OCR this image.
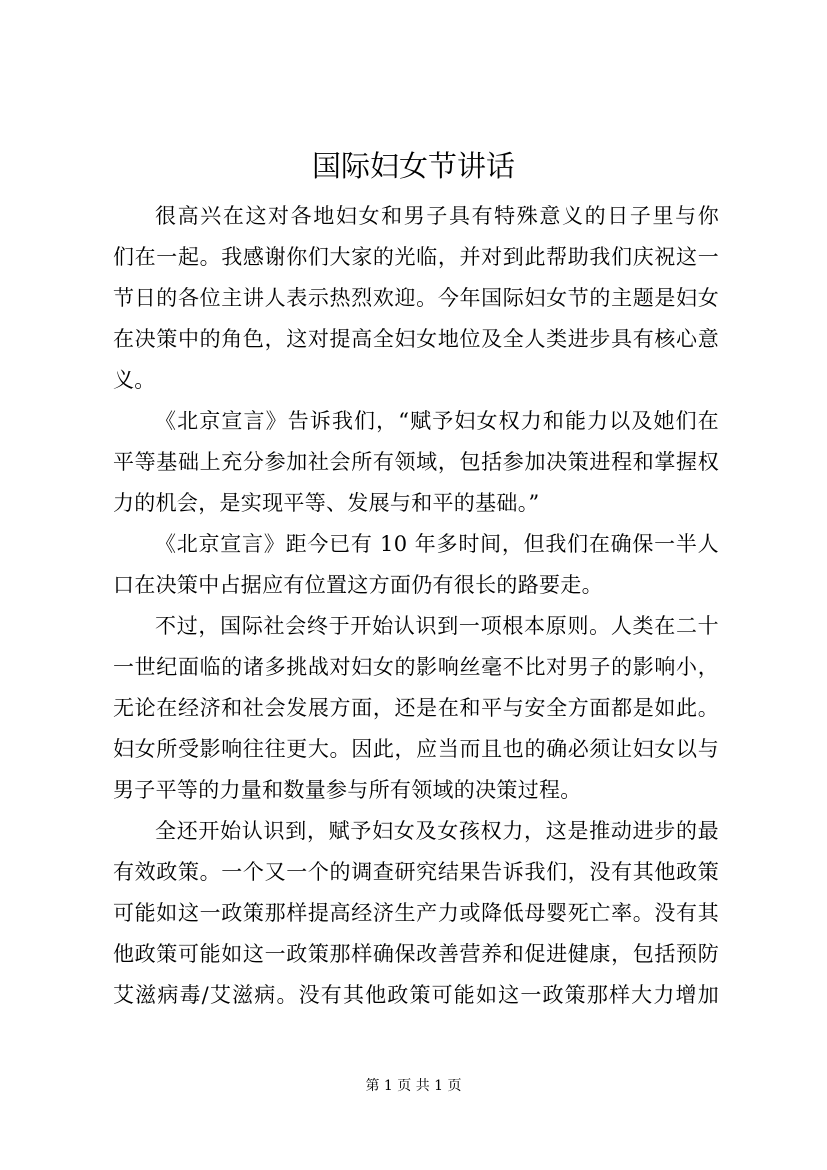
国际妇女节讲话
很高兴在这对各地妇女和男子具有特殊意义的日子里与你
们在一起。我感谢你们大家的光临，并对到此帮助我们庆祝这一
节日的各位主讲人表示热烈欢迎。今年国际妇女节的主题是妇女
在决策中的角色，这对提高全妇女地位及全人类进步具有核心意
义。
《北京宣言》告诉我们，“赋予妇女权力和能力以及她们在
平等基础上充分参加社会所有领域，包括参加决策进程和掌握权
力的机会，是实现平等、发展与和平的基础。”
《北京宣言》距今已有 10 年多时间，但我们在确保一半人
口在决策中占据应有位置这方面仍有很长的路要走。
不过，国际社会终于开始认识到一项根本原则。人类在二十
一世纪面临的诸多挑战对妇女的影响丝毫不比对男子的影响小，
无论在经济和社会发展方面，还是在和平与安全方面都是如此。
妇女所受影响往往更大。因此，应当而且也的确必须让妇女以与
男子平等的力量和数量参与所有领域的决策过程。
全还开始认识到，赋予妇女及女孩权力，这是推动进步的最
有效政策。一个又一个的调查研究结果告诉我们，没有其他政策
可能如这一政策那样提高经济生产力或降低母婴死亡率。没有其
他政策可能如这一政策那样确保改善营养和促进健康，包括预防
艾滋病毒/艾滋病。没有其他政策可能如这一政策那样大力增加
第 1 页 共 1 页
